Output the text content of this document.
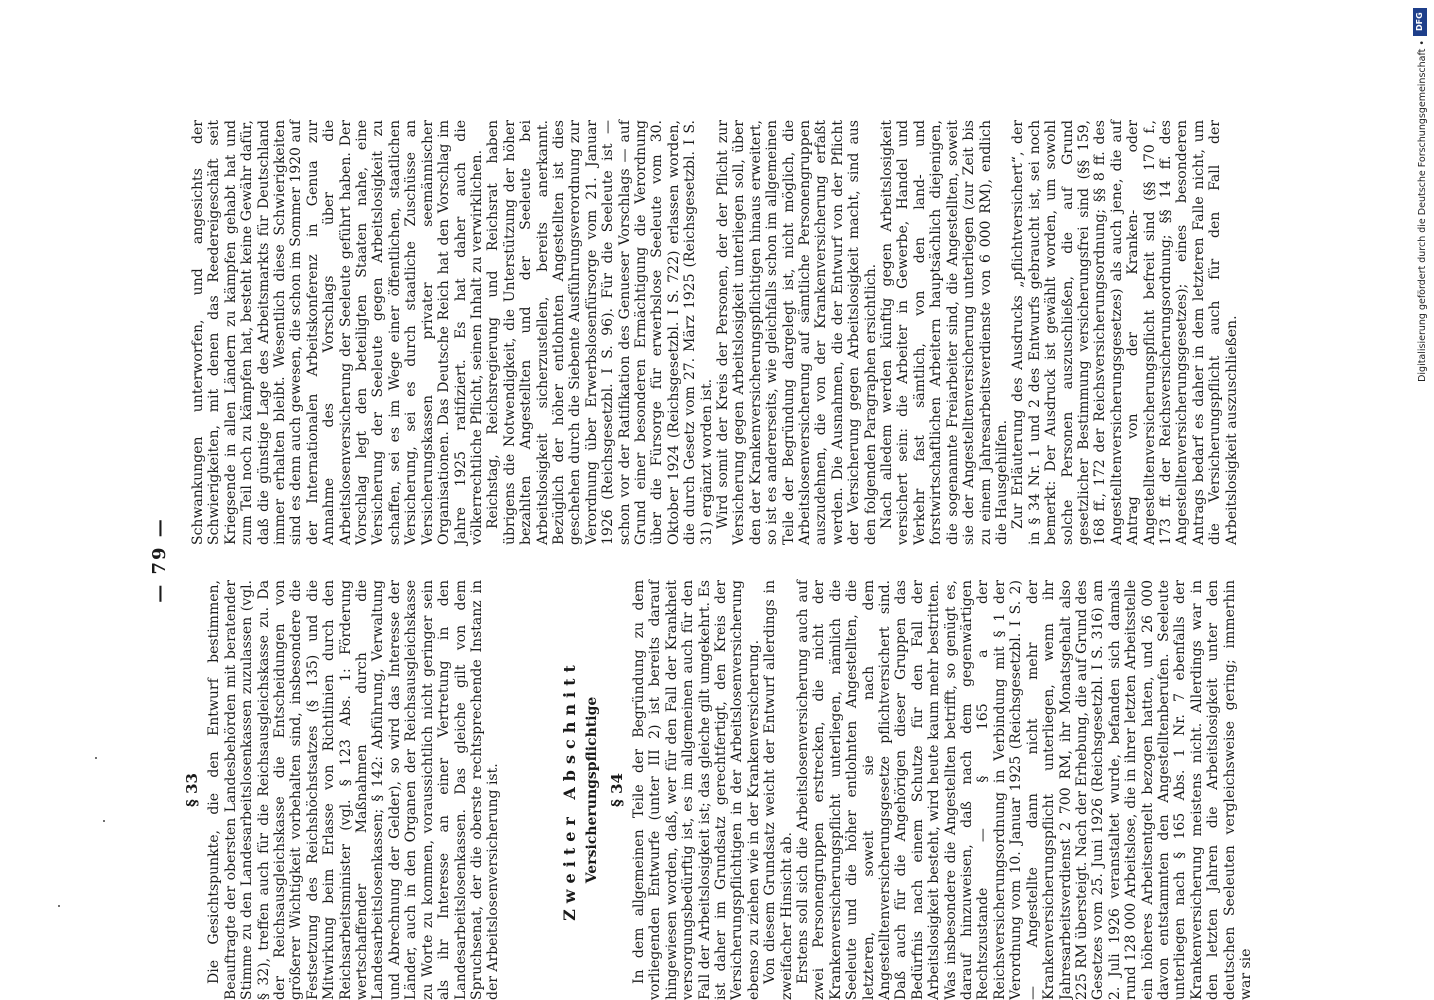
— 79 —
§ 33 Die Gesichtspunkte, die den Entwurf bestimmen, Beauftragte der obersten Landesbehörden mit beratender Stimme zu den Landesarbeitslosenkassen zuzulassen (vgl. § 32), treffen auch für die Reichsausgleichskasse zu. Da der Reichsausgleichskasse die Entscheidungen von größerer Wichtigkeit vorbehalten sind, insbesondere die Festsetzung des Reichshöchstsatzes (§ 135) und die Mitwirkung beim Erlasse von Richtlinien durch den Reichsarbeitsminister (vgl. § 123 Abs. 1: Förderung wertschaffender Maßnahmen durch die Landesarbeitslosenkassen; § 142: Abführung, Verwaltung und Abrechnung der Gelder), so wird das Interesse der Länder, auch in den Organen der Reichsausgleichskasse zu Worte zu kommen, voraussichtlich nicht geringer sein als ihr Interesse an einer Vertretung in den Landesarbeitslosenkassen. Das gleiche gilt von dem Spruchsenat, der die oberste rechtsprechende Instanz in der Arbeitslosenversicherung ist.	Zweiter Abschnitt Versicherungspflichtige § 34 In dem allgemeinen Teile der Begründung zu dem vorliegenden Entwurfe (unter III 2) ist bereits darauf hingewiesen worden, daß, wer für den Fall der Krankheit versorgungsbedürftig ist, es im allgemeinen auch für den Fall der Arbeitslosigkeit ist; das gleiche gilt umgekehrt. Es ist daher im Grundsatz gerechtfertigt, den Kreis der Versicherungspflichtigen in der Arbeitslosenversicherung ebenso zu ziehen wie in der Krankenversicherung. Von diesem Grundsatz weicht der Entwurf allerdings in zweifacher Hinsicht ab. Erstens soll sich die Arbeitslosenversicherung auch auf zwei Personengruppen erstrecken, die nicht der Krankenversicherungspflicht unterliegen, nämlich die Seeleute und die höher entlohnten Angestellten, die letzteren, soweit sie nach dem Angestelltenversicherungsgesetze pflichtversichert sind. Daß auch für die Angehörigen dieser Gruppen das Bedürfnis nach einem Schutze für den Fall der Arbeitslosigkeit besteht, wird heute kaum mehr bestritten. Was insbesondere die Angestellten betrifft, so genügt es, darauf hinzuweisen, daß nach dem gegenwärtigen Rechtszustande — § 165 a der Reichsversicherungsordnung in Verbindung mit § 1 der Verordnung vom 10. Januar 1925 (Reichsgesetzbl. I S. 2) — Angestellte dann nicht mehr der Krankenversicherungspflicht unterliegen, wenn ihr Jahresarbeitsverdienst 2 700 RM, ihr Monatsgehalt also 225 RM übersteigt. Nach der Erhebung, die auf Grund des Gesetzes vom 25. Juni 1926 (Reichsgesetzbl. I S. 316) am 2. Juli 1926 veranstaltet wurde, befanden sich damals rund 128 000 Arbeitslose, die in ihrer letzten Arbeitsstelle ein höheres Arbeitsentgelt bezogen hatten, und 26 000 davon entstammten den Angestelltenberufen. Seeleute unterliegen nach § 165 Abs. 1 Nr. 7 ebenfalls der Krankenversicherung meistens nicht. Allerdings war in den letzten Jahren die Arbeitslosigkeit unter den deutschen Seeleuten vergleichsweise gering; immerhin war sie

Schwankungen unterworfen, und angesichts der Schwierigkeiten, mit denen das Reedereigeschäft seit Kriegsende in allen Ländern zu kämpfen gehabt hat und zum Teil noch zu kämpfen hat, besteht keine Gewähr dafür, daß die günstige Lage des Arbeitsmarkts für Deutschland immer erhalten bleibt. Wesentlich diese Schwierigkeiten sind es denn auch gewesen, die schon im Sommer 1920 auf der Internationalen Arbeitskonferenz in Genua zur Annahme des Vorschlags über die Arbeitslosenversicherung der Seeleute geführt haben. Der Vorschlag legt den beteiligten Staaten nahe, eine Versicherung der Seeleute gegen Arbeitslosigkeit zu schaffen, sei es im Wege einer öffentlichen, staatlichen Versicherung, sei es durch staatliche Zuschüsse an Versicherungskassen privater seemännischer Organisationen. Das Deutsche Reich hat den Vorschlag im Jahre 1925 ratifiziert. Es hat daher auch die völkerrechtliche Pflicht, seinen Inhalt zu verwirklichen. Reichstag, Reichsregierung und Reichsrat haben übrigens die Notwendigkeit, die Unterstützung der höher bezahlten Angestellten und der Seeleute bei Arbeitslosigkeit sicherzustellen, bereits anerkannt. Bezüglich der höher entlohnten Angestellten ist dies geschehen durch die Siebente Ausführungsverordnung zur Verordnung über Erwerbslosenfürsorge vom 21. Januar 1926 (Reichsgesetzbl. I S. 96). Für die Seeleute ist — schon vor der Ratifikation des Genueser Vorschlags — auf Grund einer besonderen Ermächtigung die Verordnung über die Fürsorge für erwerbslose Seeleute vom 30. Oktober 1924 (Reichsgesetzbl. I S. 722) erlassen worden, die durch Gesetz vom 27. März 1925 (Reichsgesetzbl. I S. 31) ergänzt worden ist. Wird somit der Kreis der Personen, der der Pflicht zur Versicherung gegen Arbeitslosigkeit unterliegen soll, über den der Krankenversicherungspflichtigen hinaus erweitert, so ist es andererseits, wie gleichfalls schon im allgemeinen Teile der Begründung dargelegt ist, nicht möglich, die Arbeitslosenversicherung auf sämtliche Personengruppen auszudehnen, die von der Krankenversicherung erfaßt werden. Die Ausnahmen, die der Entwurf von der Pflicht der Versicherung gegen Arbeitslosigkeit macht, sind aus den folgenden Paragraphen ersichtlich. Nach alledem werden künftig gegen Arbeitslosigkeit versichert sein: die Arbeiter in Gewerbe, Handel und Verkehr fast sämtlich, von den land- und forstwirtschaftlichen Arbeitern hauptsächlich diejenigen, die sogenannte Freiarbeiter sind, die Angestellten, soweit sie der Angestelltenversicherung unterliegen (zur Zeit bis zu einem Jahresarbeitsverdienste von 6 000 RM), endlich die Hausgehilfen. Zur Erläuterung des Ausdrucks „pflichtversichert“, der in § 34 Nr. 1 und 2 des Entwurfs gebraucht ist, sei noch bemerkt: Der Ausdruck ist gewählt worden, um sowohl solche Personen auszuschließen, die auf Grund gesetzlicher Bestimmung versicherungsfrei sind (§§ 159, 168 ff., 172 der Reichsversicherungsordnung; §§ 8 ff. des Angestelltenversicherungsgesetzes) als auch jene, die auf Antrag von der Kranken- oder Angestelltenversicherungspflicht befreit sind (§§ 170 f., 173 ff. der Reichsversicherungsordnung; §§ 14 ff. des Angestelltenversicherungsgesetzes); eines besonderen Antrags bedarf es daher in dem letzteren Falle nicht, um die Versicherungspflicht auch für den Fall der Arbeitslosigkeit auszuschließen.

Digitalisierung gefördert durch die Deutsche Forschungsgemeinschaft •
DFG
